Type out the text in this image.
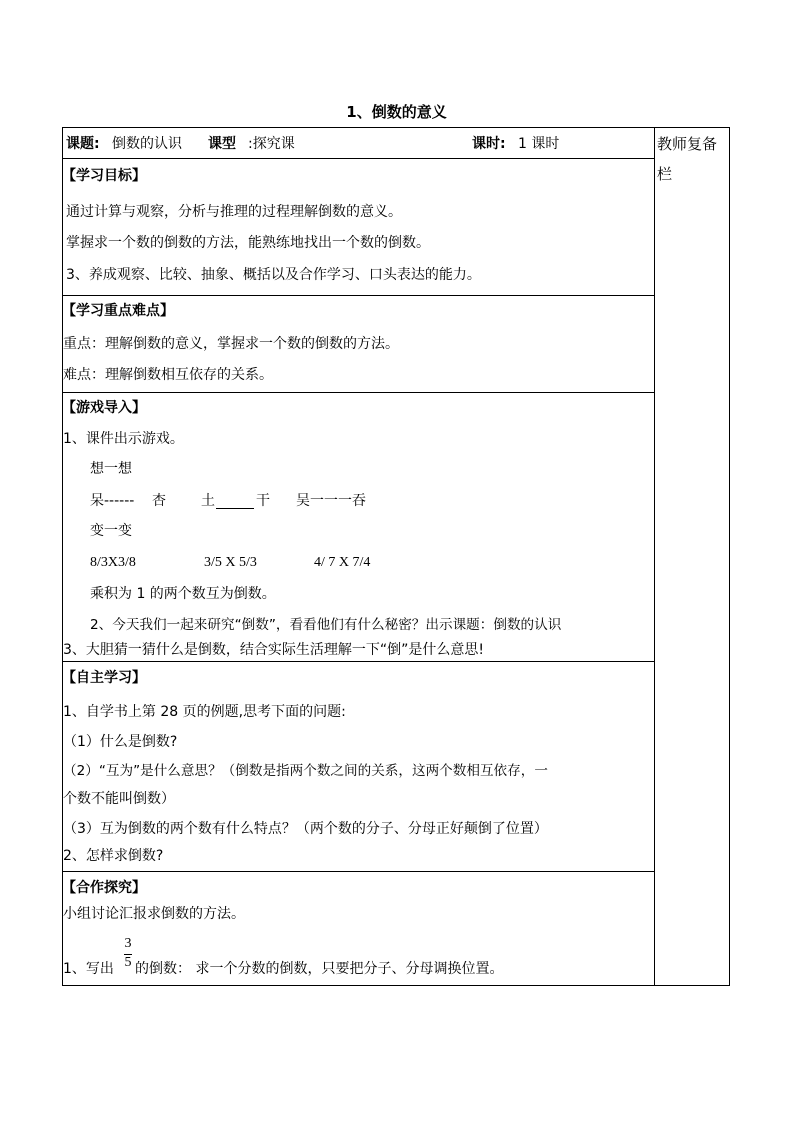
1、倒数的意义
课题: 倒数的认识 课型 :探究课	课时: 1 课时	教师复备
栏
【学习目标】
通过计算与观察，分析与推理的过程理解倒数的意义。
掌握求一个数的倒数的方法，能熟练地找出一个数的倒数。
3、养成观察、比较、抽象、概括以及合作学习、口头表达的能力。
【学习重点难点】
重点：理解倒数的意义，掌握求一个数的倒数的方法。
难点：理解倒数相互依存的关系。
【游戏导入】
1、课件出示游戏。
想一想
呆------ 杏	土	干 吴一一一吞
变一变
8/3X3/8	3/5 X 5/3	4/ 7 X 7/4
乘积为 1 的两个数互为倒数。
2、今天我们一起来研究“倒数”，看看他们有什么秘密？出示课题：倒数的认识
3、大胆猜一猜什么是倒数，结合实际生活理解一下“倒”是什么意思!
【自主学习】
1、自学书上第 28 页的例题,思考下面的问题:
（1）什么是倒数?
（2）“互为”是什么意思？（倒数是指两个数之间的关系，这两个数相互依存，一
个数不能叫倒数）
（3）互为倒数的两个数有什么特点？（两个数的分子、分母正好颠倒了位置）
2、怎样求倒数?
【合作探究】
小组讨论汇报求倒数的方法。
1、写出
3
5 的倒数： 求一个分数的倒数，只要把分子、分母调换位置。
